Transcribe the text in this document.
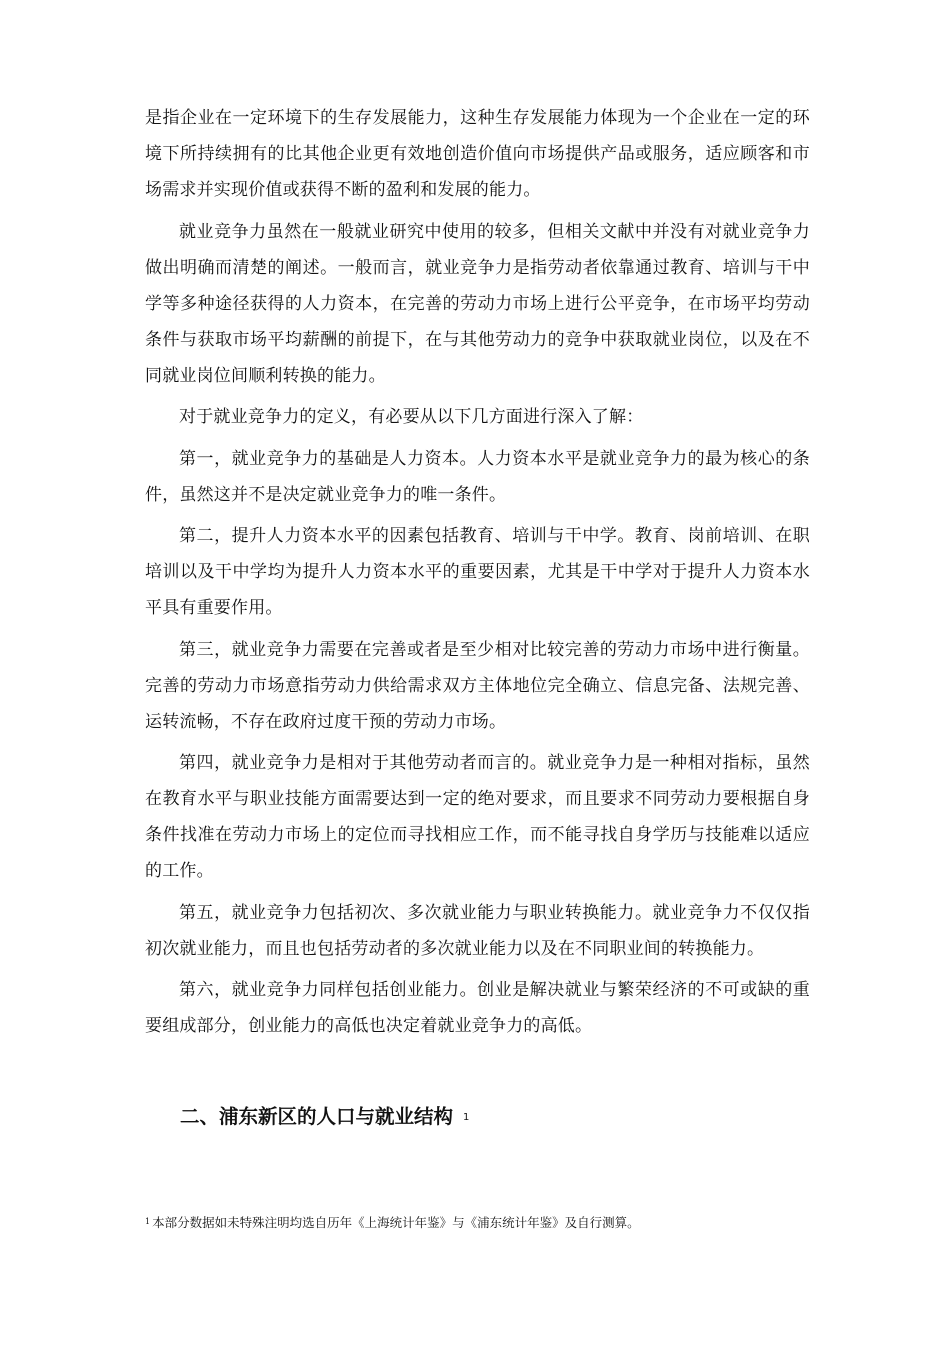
是指企业在一定环境下的生存发展能力，这种生存发展能力体现为一个企业在一定的环境下所持续拥有的比其他企业更有效地创造价值向市场提供产品或服务，适应顾客和市场需求并实现价值或获得不断的盈利和发展的能力。

就业竞争力虽然在一般就业研究中使用的较多，但相关文献中并没有对就业竞争力做出明确而清楚的阐述。一般而言，就业竞争力是指劳动者依靠通过教育、培训与干中学等多种途径获得的人力资本，在完善的劳动力市场上进行公平竞争，在市场平均劳动条件与获取市场平均薪酬的前提下，在与其他劳动力的竞争中获取就业岗位，以及在不同就业岗位间顺利转换的能力。

对于就业竞争力的定义，有必要从以下几方面进行深入了解：

第一，就业竞争力的基础是人力资本。人力资本水平是就业竞争力的最为核心的条件，虽然这并不是决定就业竞争力的唯一条件。

第二，提升人力资本水平的因素包括教育、培训与干中学。教育、岗前培训、在职培训以及干中学均为提升人力资本水平的重要因素，尤其是干中学对于提升人力资本水平具有重要作用。

第三，就业竞争力需要在完善或者是至少相对比较完善的劳动力市场中进行衡量。完善的劳动力市场意指劳动力供给需求双方主体地位完全确立、信息完备、法规完善、运转流畅，不存在政府过度干预的劳动力市场。

第四，就业竞争力是相对于其他劳动者而言的。就业竞争力是一种相对指标，虽然在教育水平与职业技能方面需要达到一定的绝对要求，而且要求不同劳动力要根据自身条件找准在劳动力市场上的定位而寻找相应工作，而不能寻找自身学历与技能难以适应的工作。

第五，就业竞争力包括初次、多次就业能力与职业转换能力。就业竞争力不仅仅指初次就业能力，而且也包括劳动者的多次就业能力以及在不同职业间的转换能力。

第六，就业竞争力同样包括创业能力。创业是解决就业与繁荣经济的不可或缺的重要组成部分，创业能力的高低也决定着就业竞争力的高低。

二、浦东新区的人口与就业结构 $^1$

$^1$ 本部分数据如未特殊注明均选自历年《上海统计年鉴》与《浦东统计年鉴》及自行测算。
